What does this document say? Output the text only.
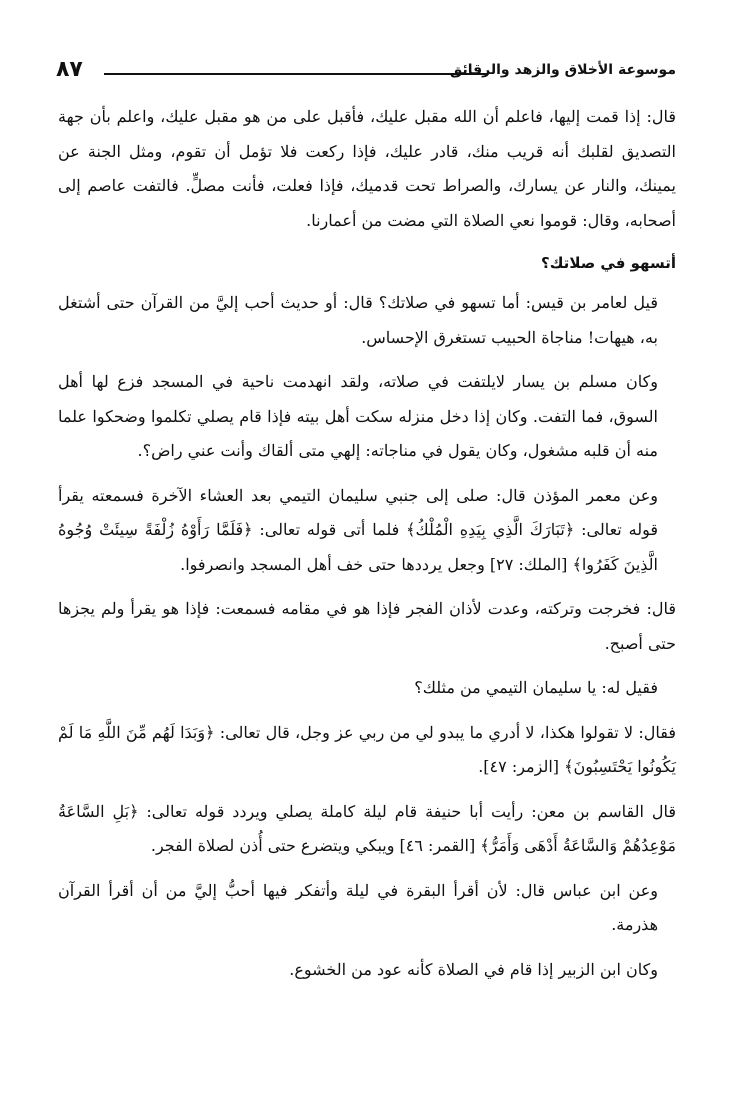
٨٧	موسوعة الأخلاق والزهد والرقائق

قال: إذا قمت إليها، فاعلم أن الله مقبل عليك، فأقبل على من هو مقبل عليك، واعلم بأن جهة التصديق لقلبك أنه قريب منك، قادر عليك، فإذا ركعت فلا تؤمل أن تقوم، ومثل الجنة عن يمينك، والنار عن يسارك، والصراط تحت قدميك، فإذا فعلت، فأنت مصلٍّ. فالتفت عاصم إلى أصحابه، وقال: قوموا نعي الصلاة التي مضت من أعمارنا.

أتسهو في صلاتك؟

قيل لعامر بن قيس: أما تسهو في صلاتك؟ قال: أو حديث أحب إليَّ من القرآن حتى أشتغل به، هيهات! مناجاة الحبيب تستغرق الإحساس.

وكان مسلم بن يسار لايلتفت في صلاته، ولقد انهدمت ناحية في المسجد فزع لها أهل السوق، فما التفت. وكان إذا دخل منزله سكت أهل بيته فإذا قام يصلي تكلموا وضحكوا علما منه أن قلبه مشغول، وكان يقول في مناجاته: إلهي متى ألقاك وأنت عني راض؟.

وعن معمر المؤذن قال: صلى إلى جنبي سليمان التيمي بعد العشاء الآخرة فسمعته يقرأ قوله تعالى: ﴿تَبَارَكَ الَّذِي بِيَدِهِ الْمُلْكُ﴾ فلما أتى قوله تعالى: ﴿فَلَمَّا رَأَوْهُ زُلْفَةً سِيئَتْ وُجُوهُ الَّذِينَ كَفَرُوا﴾ [الملك: ٢٧] وجعل يرددها حتى خف أهل المسجد وانصرفوا.

قال: فخرجت وتركته، وعدت لأذان الفجر فإذا هو في مقامه فسمعت: فإذا هو يقرأ ولم يجزها حتى أصبح.

فقيل له: يا سليمان التيمي من مثلك؟

فقال: لا تقولوا هكذا، لا أدري ما يبدو لي من ربي عز وجل، قال تعالى: ﴿وَبَدَا لَهُم مِّنَ اللَّهِ مَا لَمْ يَكُونُوا يَحْتَسِبُونَ﴾ [الزمر: ٤٧].

قال القاسم بن معن: رأيت أبا حنيفة قام ليلة كاملة يصلي ويردد قوله تعالى: ﴿بَلِ السَّاعَةُ مَوْعِدُهُمْ وَالسَّاعَةُ أَدْهَى وَأَمَرُّ﴾ [القمر: ٤٦] ويبكي ويتضرع حتى أُذن لصلاة الفجر.

وعن ابن عباس قال: لأن أقرأ البقرة في ليلة وأتفكر فيها أحبُّ إليَّ من أن أقرأ القرآن هذرمة.

وكان ابن الزبير إذا قام في الصلاة كأنه عود من الخشوع.
